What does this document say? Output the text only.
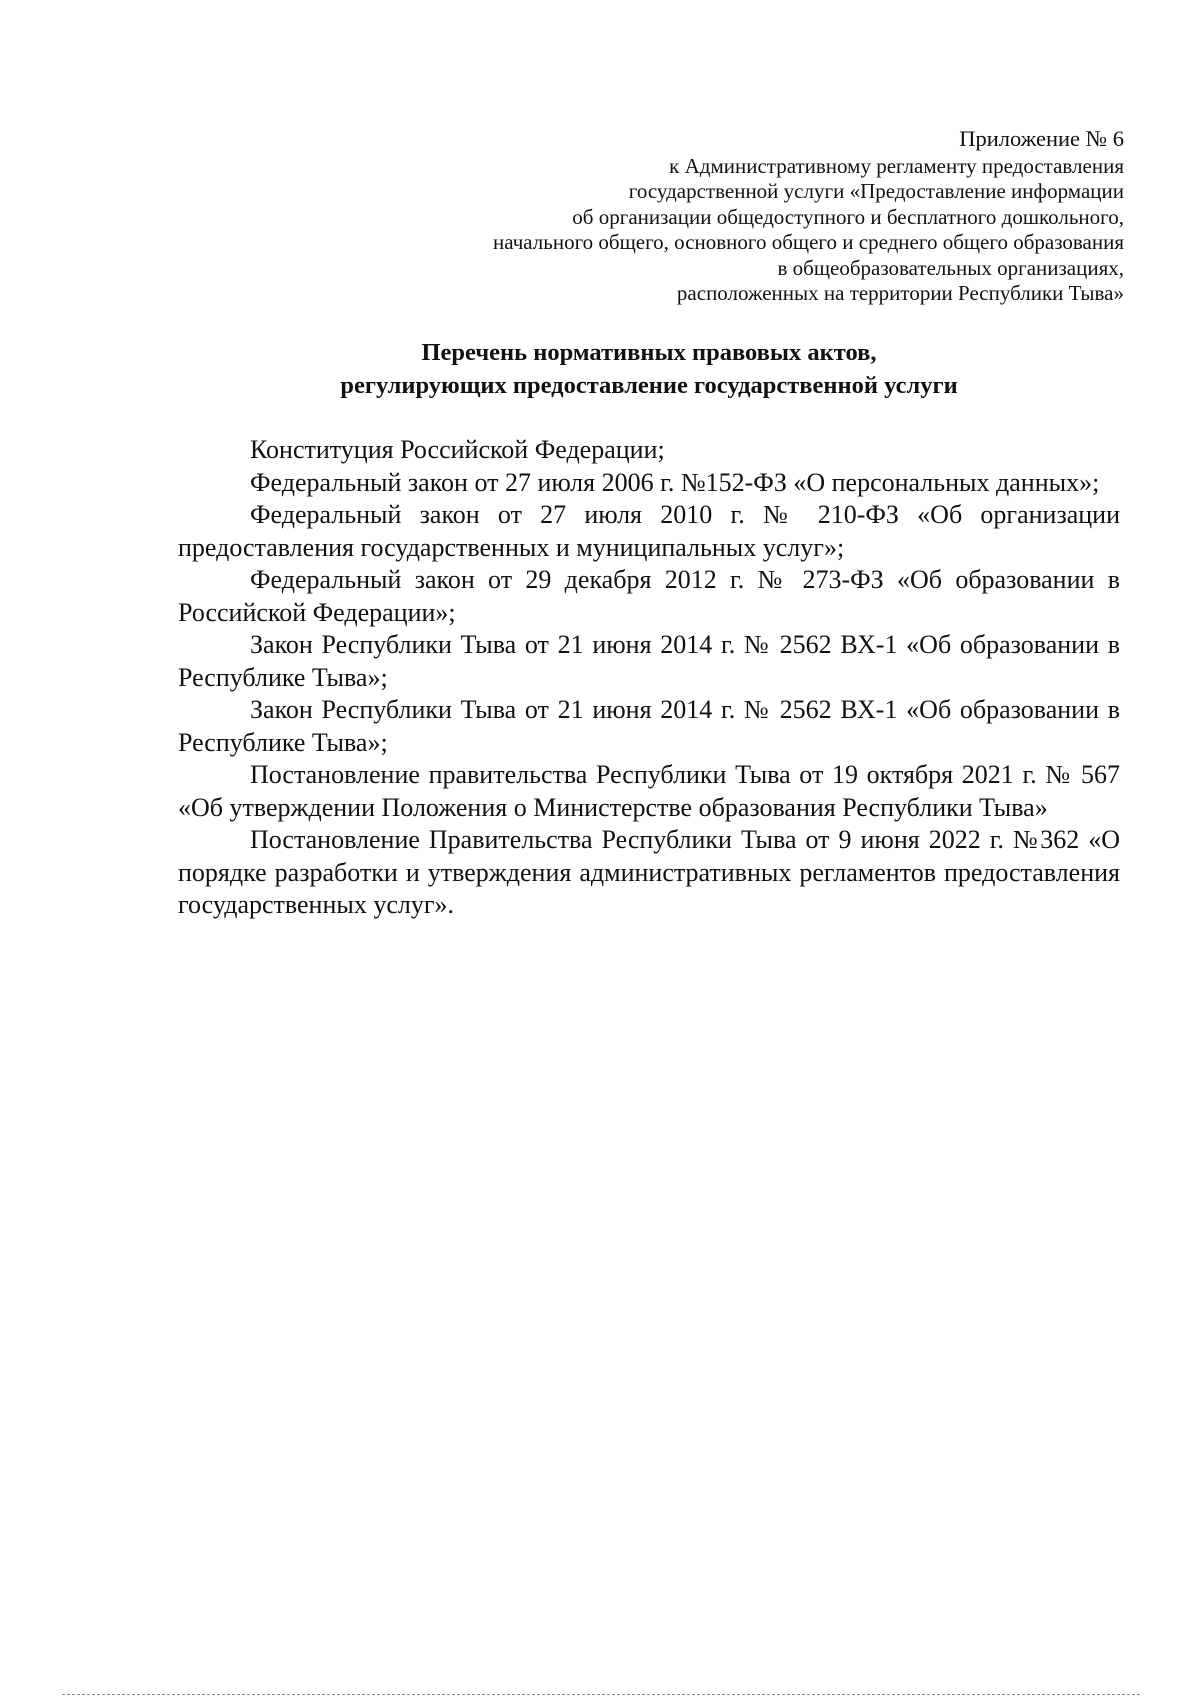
Приложение № 6
к Административному регламенту предоставления
государственной услуги «Предоставление информации
об организации общедоступного и бесплатного дошкольного,
начального общего, основного общего и среднего общего образования
в общеобразовательных организациях,
расположенных на территории Республики Тыва»
Перечень нормативных правовых актов,
регулирующих предоставление государственной услуги

Конституция Российской Федерации;

Федеральный закон от 27 июля 2006 г. №152-ФЗ «О персональных данных»;

Федеральный закон от 27 июля 2010 г. № 210-ФЗ «Об организации предоставления государственных и муниципальных услуг»;

Федеральный закон от 29 декабря 2012 г. № 273-ФЗ «Об образовании в Российской Федерации»;

Закон Республики Тыва от 21 июня 2014 г. № 2562 ВХ-1 «Об образовании в Республике Тыва»;

Закон Республики Тыва от 21 июня 2014 г. № 2562 ВХ-1 «Об образовании в Республике Тыва»;

Постановление правительства Республики Тыва от 19 октября 2021 г. № 567 «Об утверждении Положения о Министерстве образования Республики Тыва»

Постановление Правительства Республики Тыва от 9 июня 2022 г. №362 «О порядке разработки и утверждения административных регламентов предоставления государственных услуг».
